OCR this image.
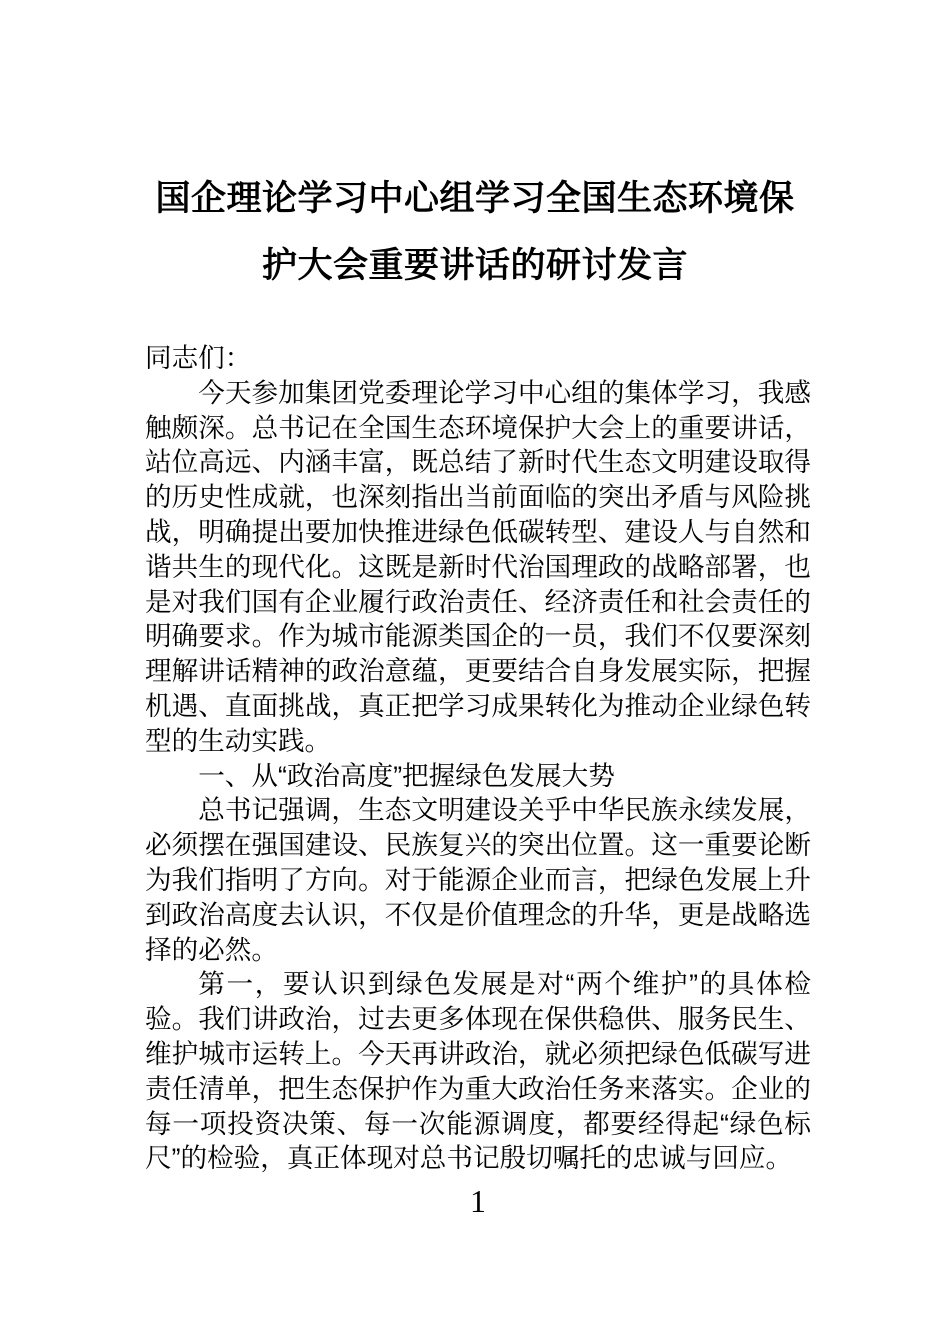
国企理论学习中心组学习全国生态环境保护大会重要讲话的研讨发言

同志们：

今天参加集团党委理论学习中心组的集体学习，我感触颇深。总书记在全国生态环境保护大会上的重要讲话，站位高远、内涵丰富，既总结了新时代生态文明建设取得的历史性成就，也深刻指出当前面临的突出矛盾与风险挑战，明确提出要加快推进绿色低碳转型、建设人与自然和谐共生的现代化。这既是新时代治国理政的战略部署，也是对我们国有企业履行政治责任、经济责任和社会责任的明确要求。作为城市能源类国企的一员，我们不仅要深刻理解讲话精神的政治意蕴，更要结合自身发展实际，把握机遇、直面挑战，真正把学习成果转化为推动企业绿色转型的生动实践。

一、从“政治高度”把握绿色发展大势

总书记强调，生态文明建设关乎中华民族永续发展，必须摆在强国建设、民族复兴的突出位置。这一重要论断为我们指明了方向。对于能源企业而言，把绿色发展上升到政治高度去认识，不仅是价值理念的升华，更是战略选择的必然。

第一，要认识到绿色发展是对“两个维护”的具体检验。我们讲政治，过去更多体现在保供稳供、服务民生、维护城市运转上。今天再讲政治，就必须把绿色低碳写进责任清单，把生态保护作为重大政治任务来落实。企业的每一项投资决策、每一次能源调度，都要经得起“绿色标尺”的检验，真正体现对总书记殷切嘱托的忠诚与回应。

1
